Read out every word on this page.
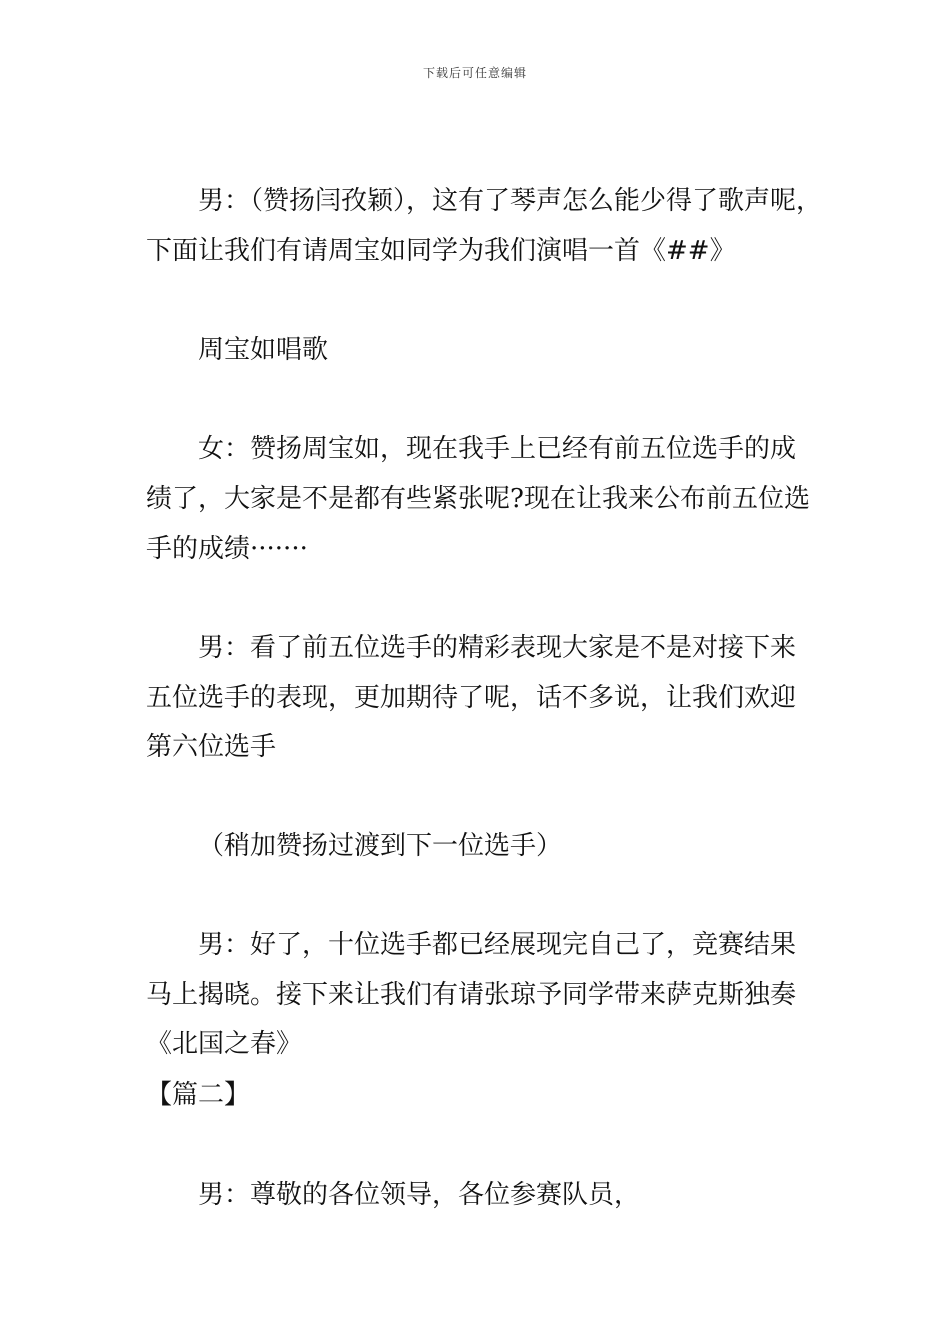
下载后可任意编辑
男：（赞扬闫孜颖），这有了琴声怎么能少得了歌声呢，
下面让我们有请周宝如同学为我们演唱一首《##》
周宝如唱歌
女：赞扬周宝如，现在我手上已经有前五位选手的成
绩了，大家是不是都有些紧张呢?现在让我来公布前五位选
手的成绩·······
男：看了前五位选手的精彩表现大家是不是对接下来
五位选手的表现，更加期待了呢，话不多说，让我们欢迎
第六位选手
（稍加赞扬过渡到下一位选手）
男：好了，十位选手都已经展现完自己了，竞赛结果
马上揭晓。接下来让我们有请张琼予同学带来萨克斯独奏
《北国之春》
【篇二】
男：尊敬的各位领导，各位参赛队员，
